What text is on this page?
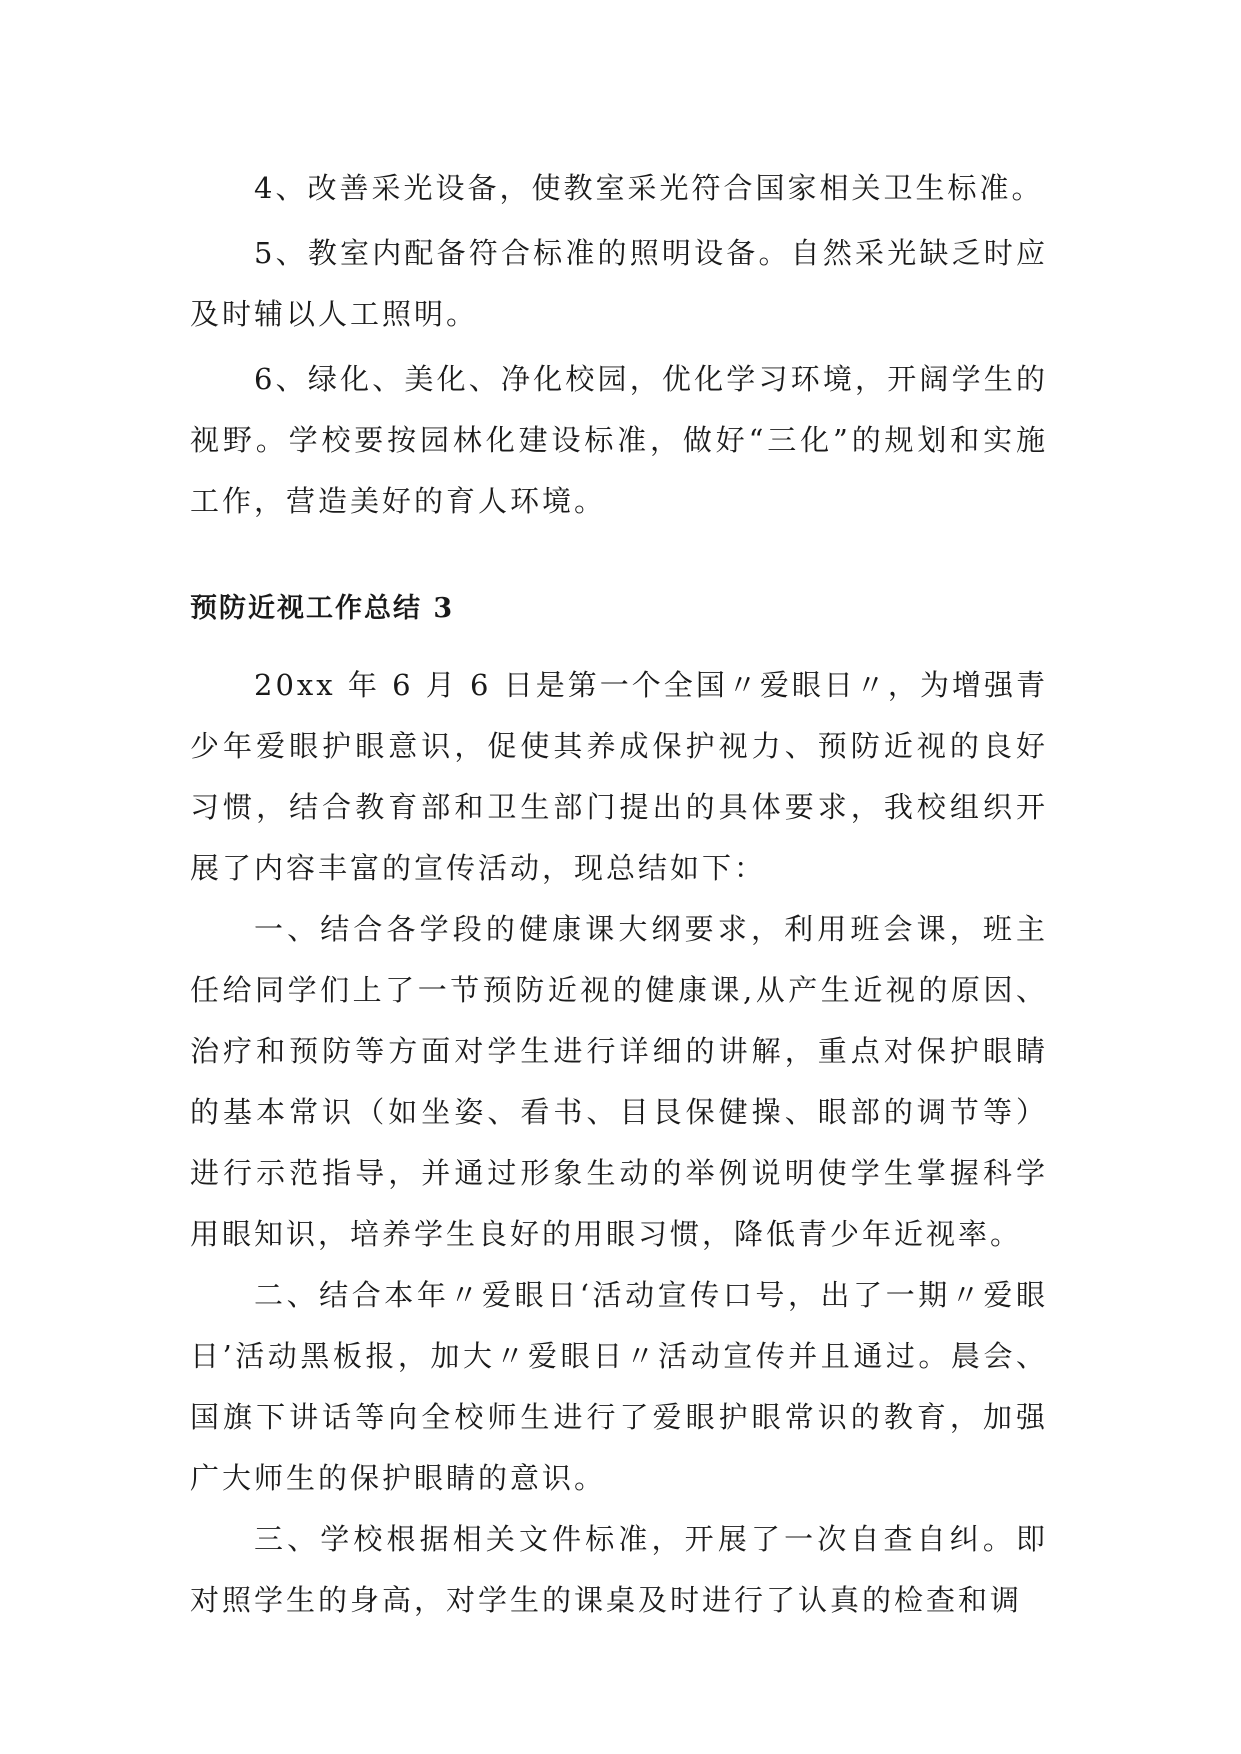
4、改善采光设备，使教室采光符合国家相关卫生标准。

5、教室内配备符合标准的照明设备。自然采光缺乏时应及时辅以人工照明。

6、绿化、美化、净化校园，优化学习环境，开阔学生的视野。学校要按园林化建设标准，做好“三化”的规划和实施工作，营造美好的育人环境。

预防近视工作总结 3

20xx 年 6 月 6 日是第一个全国〃爱眼日〃，为增强青少年爱眼护眼意识，促使其养成保护视力、预防近视的良好习惯，结合教育部和卫生部门提出的具体要求，我校组织开展了内容丰富的宣传活动，现总结如下：

一、结合各学段的健康课大纲要求，利用班会课，班主任给同学们上了一节预防近视的健康课,从产生近视的原因、治疗和预防等方面对学生进行详细的讲解，重点对保护眼睛的基本常识（如坐姿、看书、目艮保健操、眼部的调节等）进行示范指导，并通过形象生动的举例说明使学生掌握科学用眼知识，培养学生良好的用眼习惯，降低青少年近视率。

二、结合本年〃爱眼日‘活动宣传口号，出了一期〃爱眼日’活动黑板报，加大〃爱眼日〃活动宣传并且通过。晨会、国旗下讲话等向全校师生进行了爱眼护眼常识的教育，加强广大师生的保护眼睛的意识。

三、学校根据相关文件标准，开展了一次自查自纠。即对照学生的身高，对学生的课桌及时进行了认真的检查和调
